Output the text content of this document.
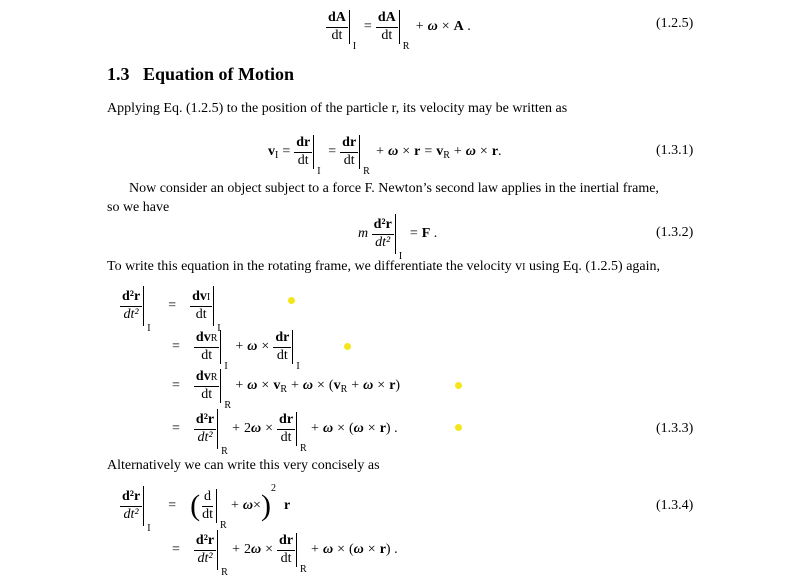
$\frac{dA}{dt}$
I
= $\frac{dA}{dt}$
R
+ ω × A .	(1.2.5)
1.3 Equation of Motion
Applying Eq. (1.2.5) to the position of the particle r, its velocity may be written as
v $I = \frac{dr}{dt}$
I
= $\frac{dr}{dt}$
R
+ ω × r = v R + ω × r .	(1.3.1)
Now consider an object subject to a force F. Newton’s second law applies in the inertial frame,
so we have
m
$\frac{\text{d²r}}{\text{dt²}}$
I
= F .	(1.3.2)
To write this equation in the rotating frame, we differentiate the velocity vI using Eq. (1.2.5) again,
$\frac{\text{d²r}}{\text{dt²}}$
I
= $\frac{\text{dvI}}{dt}$
I
= $\frac{\text{dvR}}{dt}$
I
+ $\omega \times \frac{dr}{dt}$
I
= $\frac{\text{dvR}}{dt}$
R
+ ω × v R + ω × ( v R + ω × r )
= $\frac{\text{d²r}}{\text{dt²}}$
R
+ 2 $\omega \times \frac{dr}{dt}$
R
+ ω × ( ω × r ) .	(1.3.3)
Alternatively we can write this very concisely as
$\frac{\text{d²r}}{\text{dt²}}$
I
= ( $\frac{d}{dt}$
R
+ ω × )
2
r	(1.3.4)
= $\frac{\text{d²r}}{\text{dt²}}$
R
+ 2 $\omega \times \frac{dr}{dt}$
R
+ ω × ( ω × r ) .
